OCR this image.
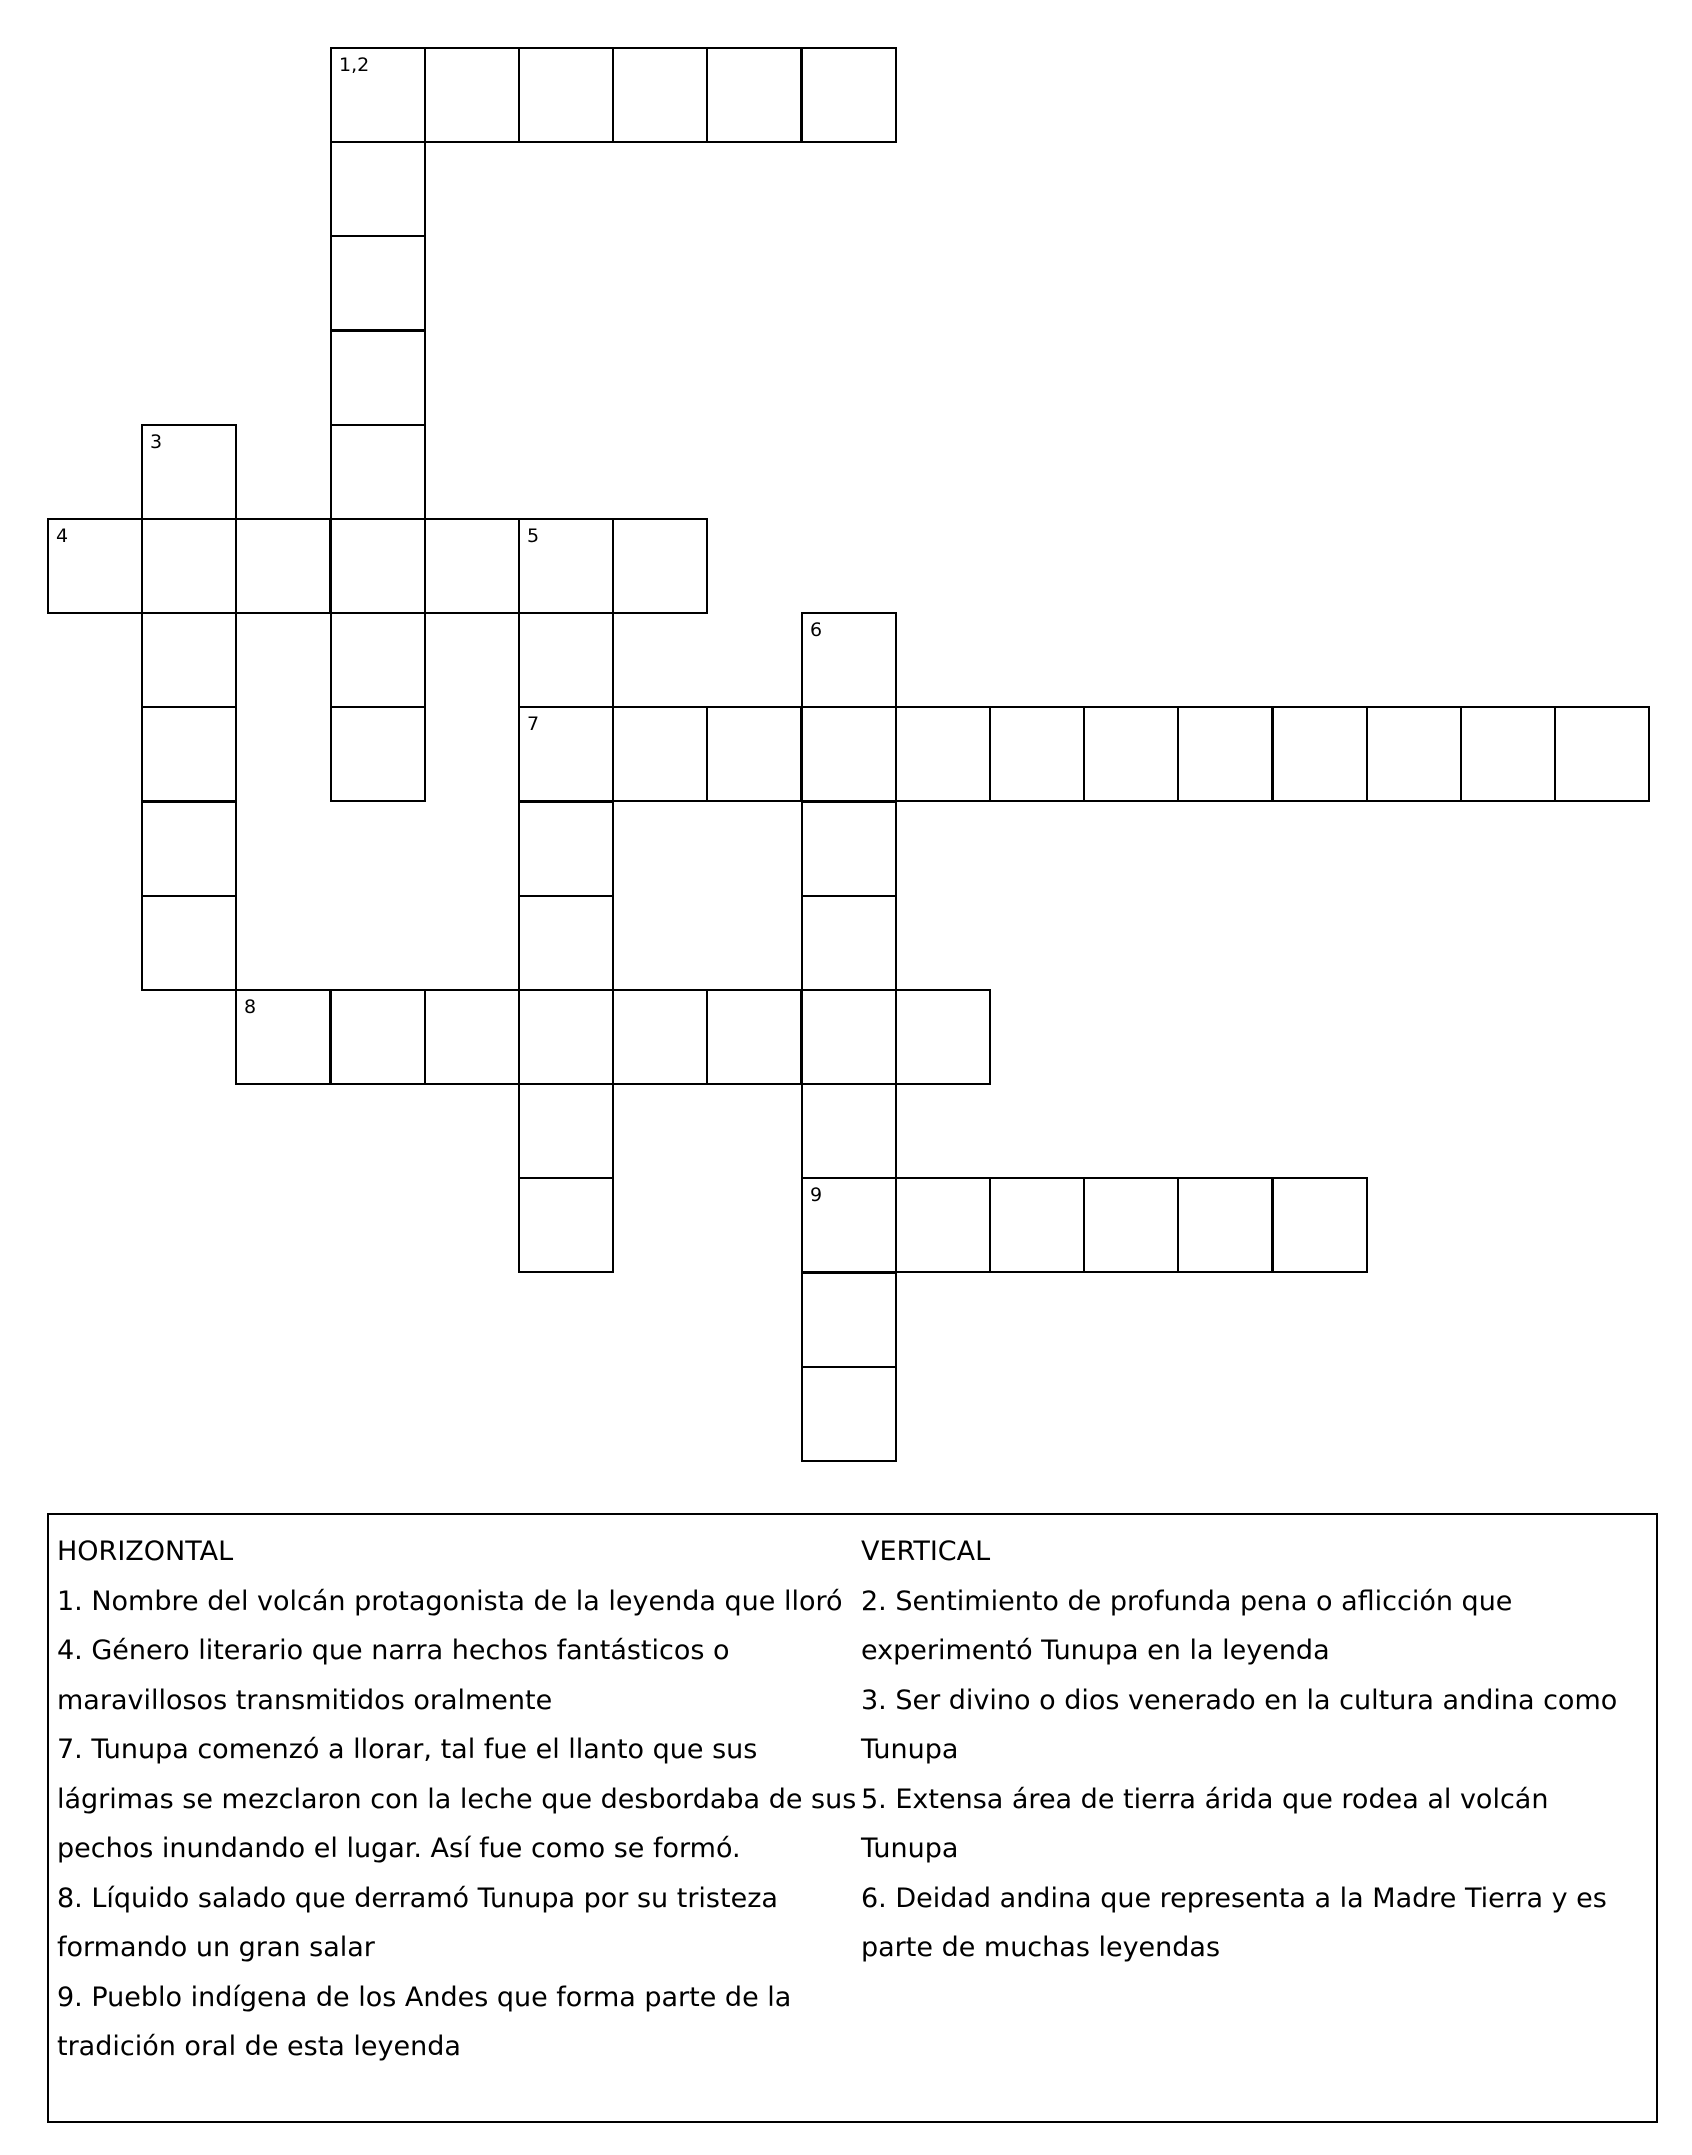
1,2
3
4	5
6
7
8
9
HORIZONTAL
1. Nombre del volcán protagonista de la leyenda que lloró
4. Género literario que narra hechos fantásticos o
maravillosos transmitidos oralmente
7. Tunupa comenzó a llorar, tal fue el llanto que sus
lágrimas se mezclaron con la leche que desbordaba de sus
pechos inundando el lugar. Así fue como se formó.
8. Líquido salado que derramó Tunupa por su tristeza
formando un gran salar
9. Pueblo indígena de los Andes que forma parte de la
tradición oral de esta leyenda
VERTICAL
2. Sentimiento de profunda pena o aflicción que
experimentó Tunupa en la leyenda
3. Ser divino o dios venerado en la cultura andina como
Tunupa
5. Extensa área de tierra árida que rodea al volcán
Tunupa
6. Deidad andina que representa a la Madre Tierra y es
parte de muchas leyendas
